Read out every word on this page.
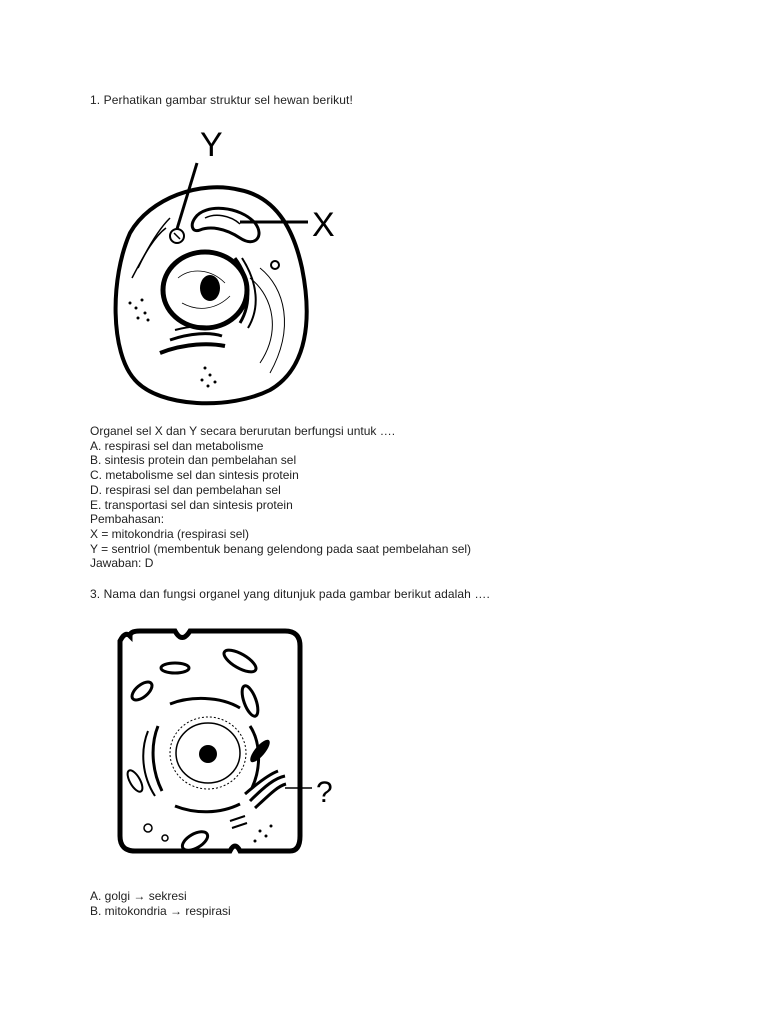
1. Perhatikan gambar struktur sel hewan berikut!

Y
X
Organel sel X dan Y secara berurutan berfungsi untuk ….
A. respirasi sel dan metabolisme
B. sintesis protein dan pembelahan sel
C. metabolisme sel dan sintesis protein
D. respirasi sel dan pembelahan sel
E. transportasi sel dan sintesis protein
Pembahasan:
X = mitokondria (respirasi sel)
Y = sentriol (membentuk benang gelendong pada saat pembelahan sel)
Jawaban: D

3. Nama dan fungsi organel yang ditunjuk pada gambar berikut adalah ….

?
A. golgi → sekresi
B. mitokondria → respirasi
